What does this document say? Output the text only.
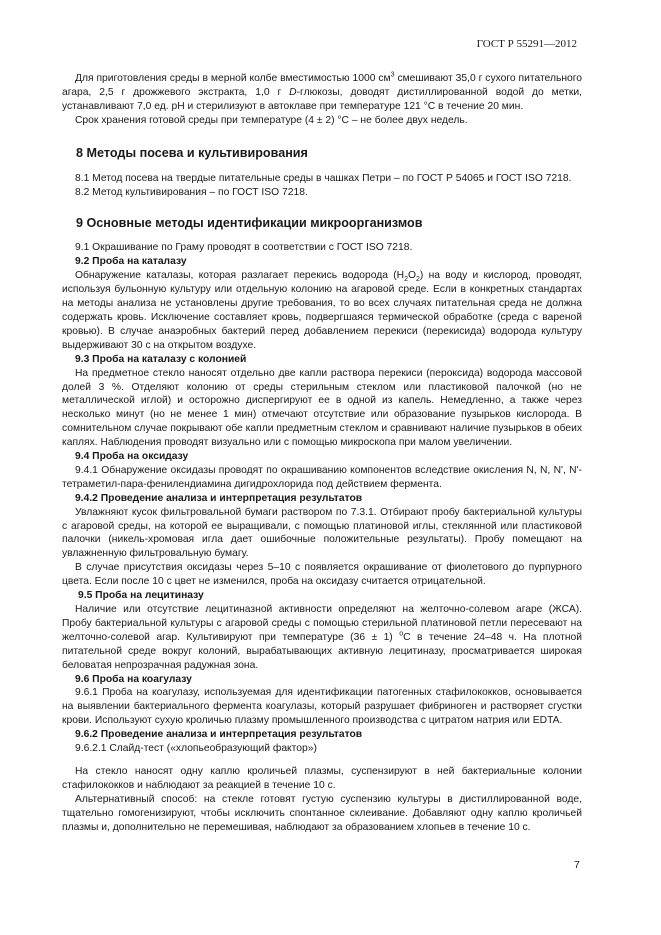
ГОСТ Р 55291—2012

Для приготовления среды в мерной колбе вместимостью 1000 $см^3$ смешивают 35,0 г сухого питательного агара, 2,5 г дрожжевого экстракта, 1,0 г D-глюкозы, доводят дистиллированной водой до метки, устанавливают 7,0 ед. pH и стерилизуют в автоклаве при температуре 121 °С в течение 20 мин.

Срок хранения готовой среды при температуре (4 ± 2) °С – не более двух недель.

8 Методы посева и культивирования

8.1 Метод посева на твердые питательные среды в чашках Петри – по ГОСТ Р 54065 и ГОСТ ISO 7218.

8.2 Метод культивирования – по ГОСТ ISO 7218.

9 Основные методы идентификации микроорганизмов

9.1 Окрашивание по Граму проводят в соответствии с ГОСТ ISO 7218.

9.2 Проба на каталазу

Обнаружение каталазы, которая разлагает перекись водорода $(H_2O_2)$ на воду и кислород, проводят, используя бульонную культуру или отдельную колонию на агаровой среде. Если в конкретных стандартах на методы анализа не установлены другие требования, то во всех случаях питательная среда не должна содержать кровь. Исключение составляет кровь, подвергшаяся термической обработке (среда с вареной кровью). В случае анаэробных бактерий перед добавлением перекиси (перекисида) водорода культуру выдерживают 30 с на открытом воздухе.

9.3 Проба на каталазу с колонией

На предметное стекло наносят отдельно две капли раствора перекиси (пероксида) водорода массовой долей 3 %. Отделяют колонию от среды стерильным стеклом или пластиковой палочкой (но не металлической иглой) и осторожно диспергируют ее в одной из капель. Немедленно, а также через несколько минут (но не менее 1 мин) отмечают отсутствие или образование пузырьков кислорода. В сомнительном случае покрывают обе капли предметным стеклом и сравнивают наличие пузырьков в обеих каплях. Наблюдения проводят визуально или с помощью микроскопа при малом увеличении.

9.4 Проба на оксидазу

9.4.1 Обнаружение оксидазы проводят по окрашиванию компонентов вследствие окисления N, N, N', N'-тетраметил-пара-фенилендиамина дигидрохлорида под действием фермента.

9.4.2 Проведение анализа и интерпретация результатов

Увлажняют кусок фильтровальной бумаги раствором по 7.3.1. Отбирают пробу бактериальной культуры с агаровой среды, на которой ее выращивали, с помощью платиновой иглы, стеклянной или пластиковой палочки (никель-хромовая игла дает ошибочные положительные результаты). Пробу помещают на увлажненную фильтровальную бумагу.

В случае присутствия оксидазы через 5–10 с появляется окрашивание от фиолетового до пурпурного цвета. Если после 10 с цвет не изменился, проба на оксидазу считается отрицательной.

9.5 Проба на лецитиназу

Наличие или отсутствие лецитиназной активности определяют на желточно-солевом агаре (ЖСА). Пробу бактериальной культуры с агаровой среды с помощью стерильной платиновой петли пересевают на желточно-солевой агар. Культивируют при температуре (36 ± 1) $^о$С в течение 24–48 ч. На плотной питательной среде вокруг колоний, вырабатывающих активную лецитиназу, просматривается широкая беловатая непрозрачная радужная зона.

9.6 Проба на коагулазу

9.6.1 Проба на коагулазу, используемая для идентификации патогенных стафилококков, основывается на выявлении бактериального фермента коагулазы, который разрушает фибриноген и растворяет сгустки крови. Используют сухую кроличью плазму промышленного производства с цитратом натрия или EDTA.

9.6.2 Проведение анализа и интерпретация результатов

9.6.2.1 Слайд-тест («хлопьеобразующий фактор»)

На стекло наносят одну каплю кроличьей плазмы, суспензируют в ней бактериальные колонии стафилококков и наблюдают за реакцией в течение 10 с.

Альтернативный способ: на стекле готовят густую суспензию культуры в дистиллированной воде, тщательно гомогенизируют, чтобы исключить спонтанное склеивание. Добавляют одну каплю кроличьей плазмы и, дополнительно не перемешивая, наблюдают за образованием хлопьев в течение 10 с.

7
